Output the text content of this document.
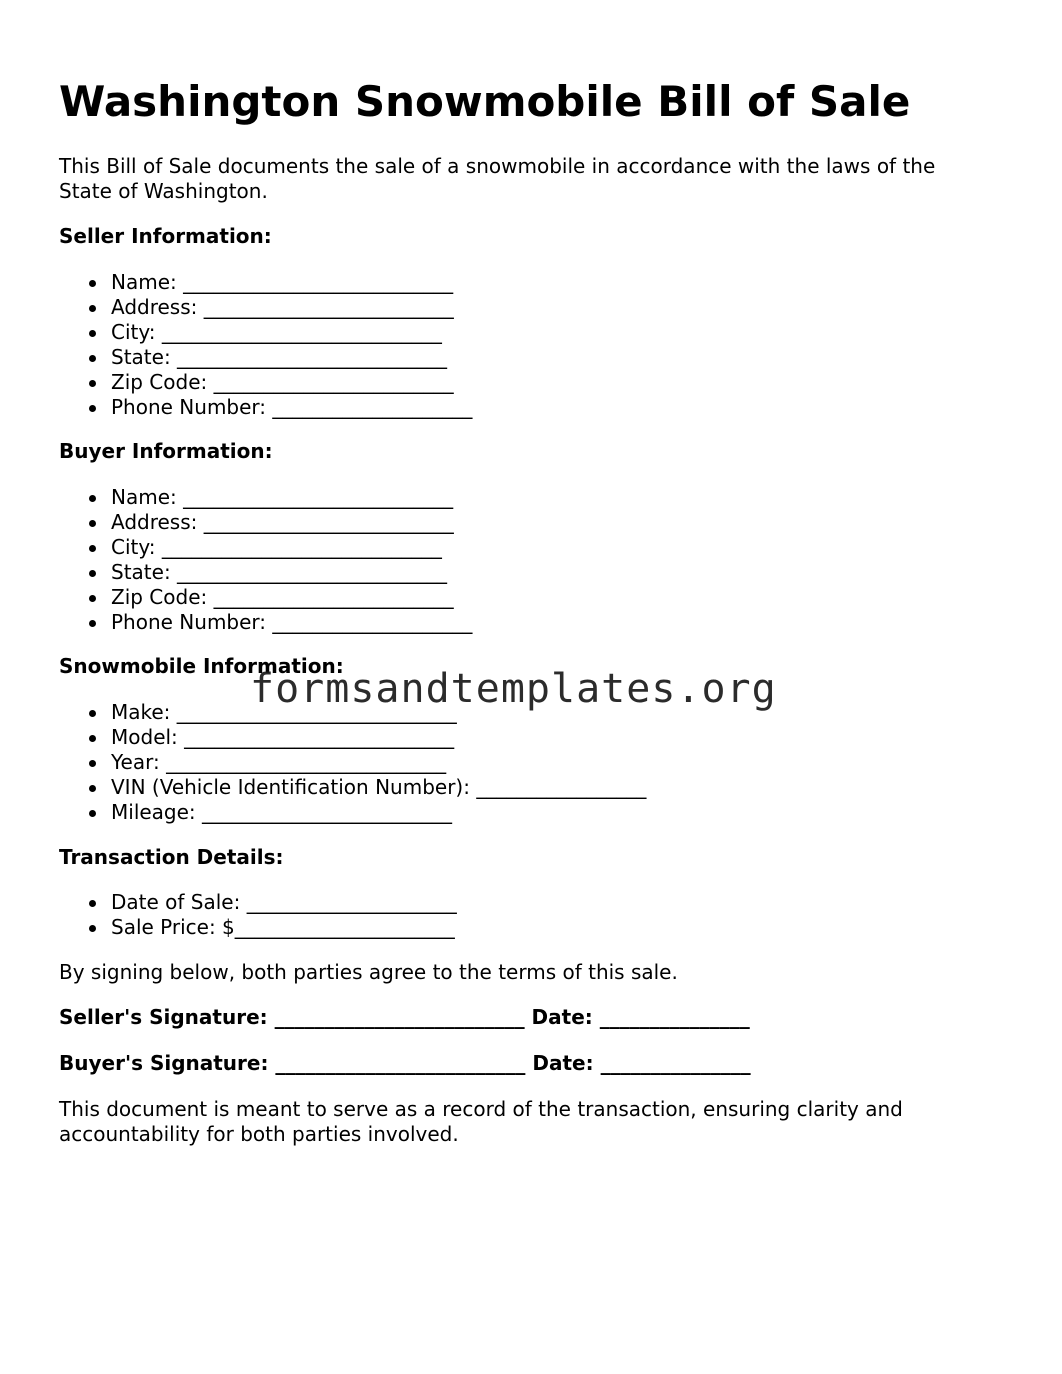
Washington Snowmobile Bill of Sale

This Bill of Sale documents the sale of a snowmobile in accordance with the laws of the State of Washington.

Seller Information:

Name: ___________________________
Address: _________________________
City: ____________________________
State: ___________________________
Zip Code: ________________________
Phone Number: ____________________

Buyer Information:

Name: ___________________________
Address: _________________________
City: ____________________________
State: ___________________________
Zip Code: ________________________
Phone Number: ____________________

Snowmobile Information:

Make: ____________________________
Model: ___________________________
Year: ____________________________
VIN (Vehicle Identification Number): _________________
Mileage: _________________________

Transaction Details:

Date of Sale: _____________________
Sale Price: $______________________

By signing below, both parties agree to the terms of this sale.

Seller's Signature: _________________________ Date: _______________

Buyer's Signature: _________________________ Date: _______________

This document is meant to serve as a record of the transaction, ensuring clarity and accountability for both parties involved.

formsandtemplates.org
